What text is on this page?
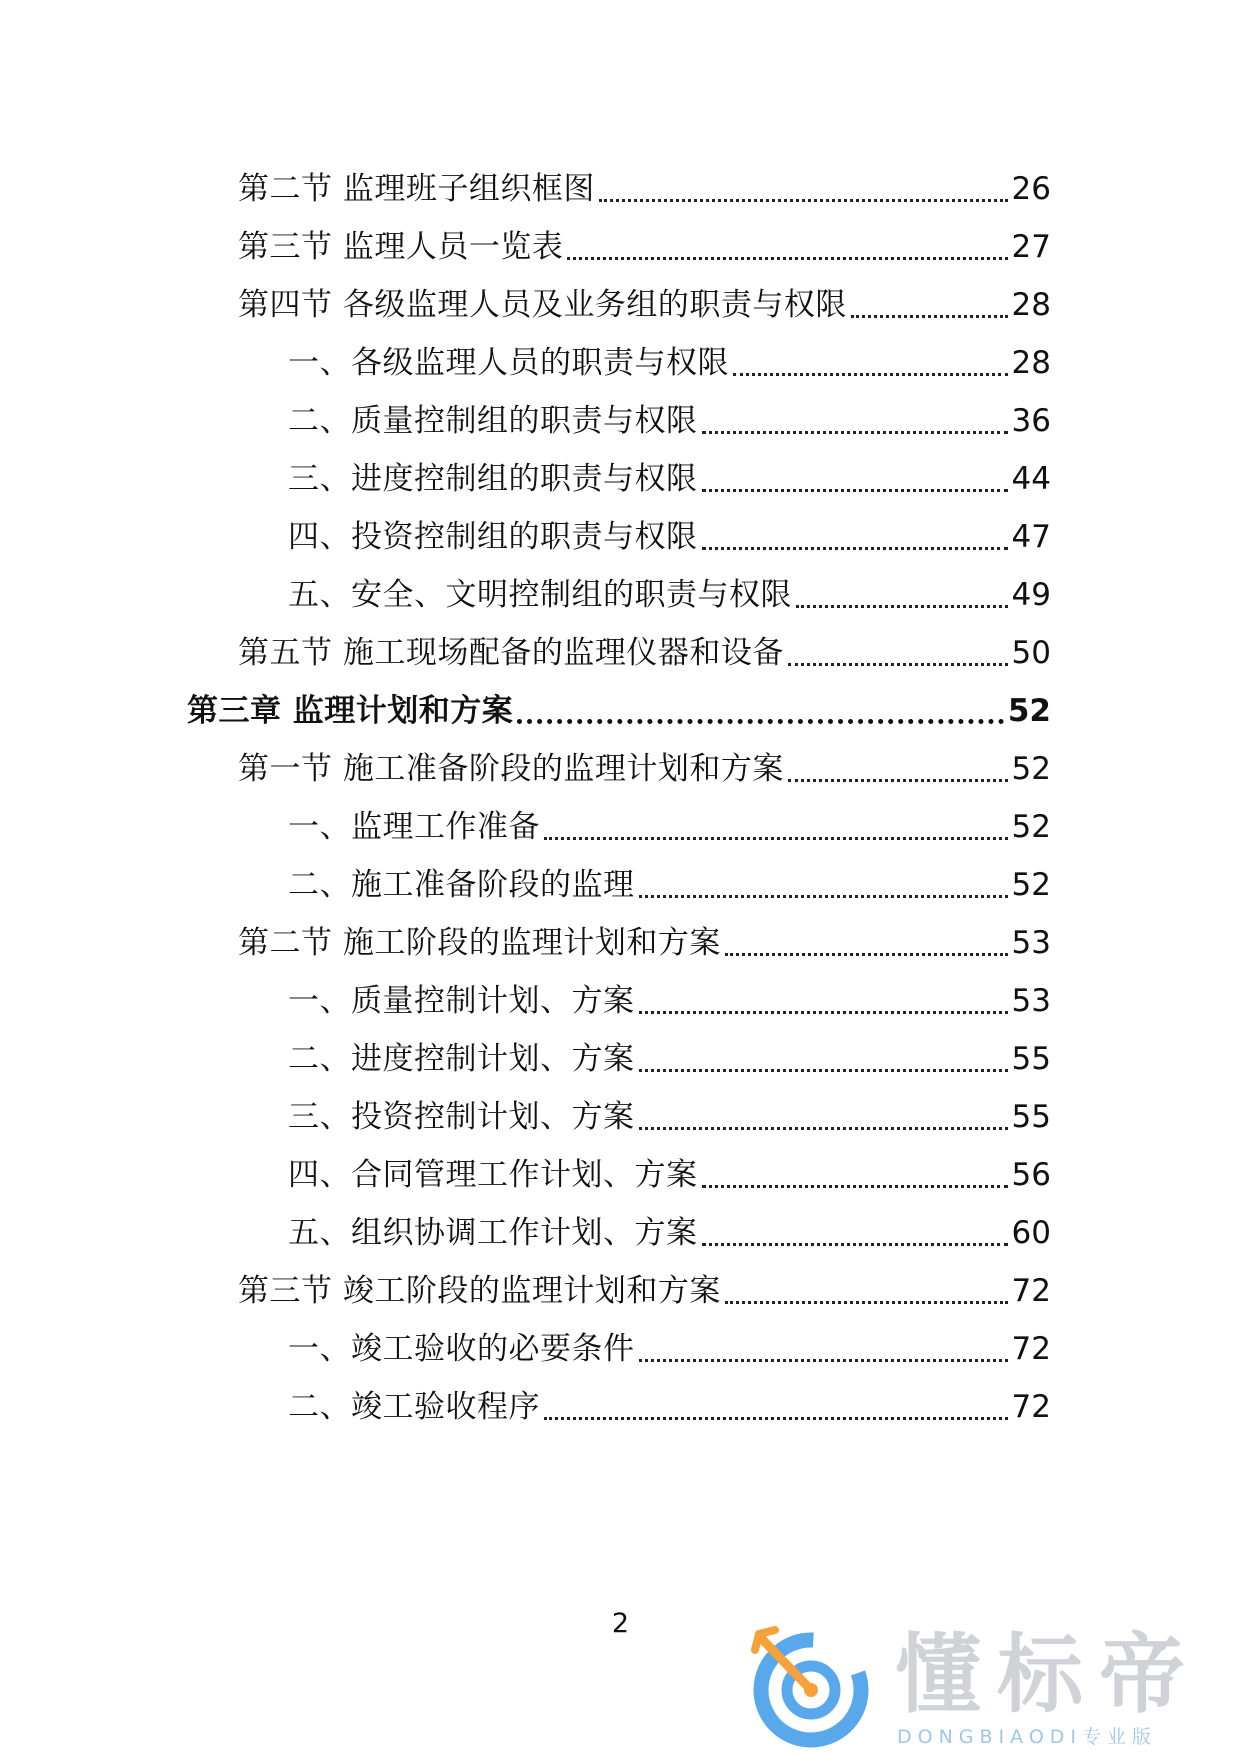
第二节 监理班子组织框图	26
第三节 监理人员一览表	27
第四节 各级监理人员及业务组的职责与权限	28
一、各级监理人员的职责与权限	28
二、质量控制组的职责与权限	36
三、进度控制组的职责与权限	44
四、投资控制组的职责与权限	47
五、安全、文明控制组的职责与权限	49
第五节 施工现场配备的监理仪器和设备	50
第三章 监理计划和方案	52
第一节 施工准备阶段的监理计划和方案	52
一、监理工作准备	52
二、施工准备阶段的监理	52
第二节 施工阶段的监理计划和方案	53
一、质量控制计划、方案	53
二、进度控制计划、方案	55
三、投资控制计划、方案	55
四、合同管理工作计划、方案	56
五、组织协调工作计划、方案	60
第三节 竣工阶段的监理计划和方案	72
一、竣工验收的必要条件	72
二、竣工验收程序	72
2
懂标帝
DONGBIAODI专业版
